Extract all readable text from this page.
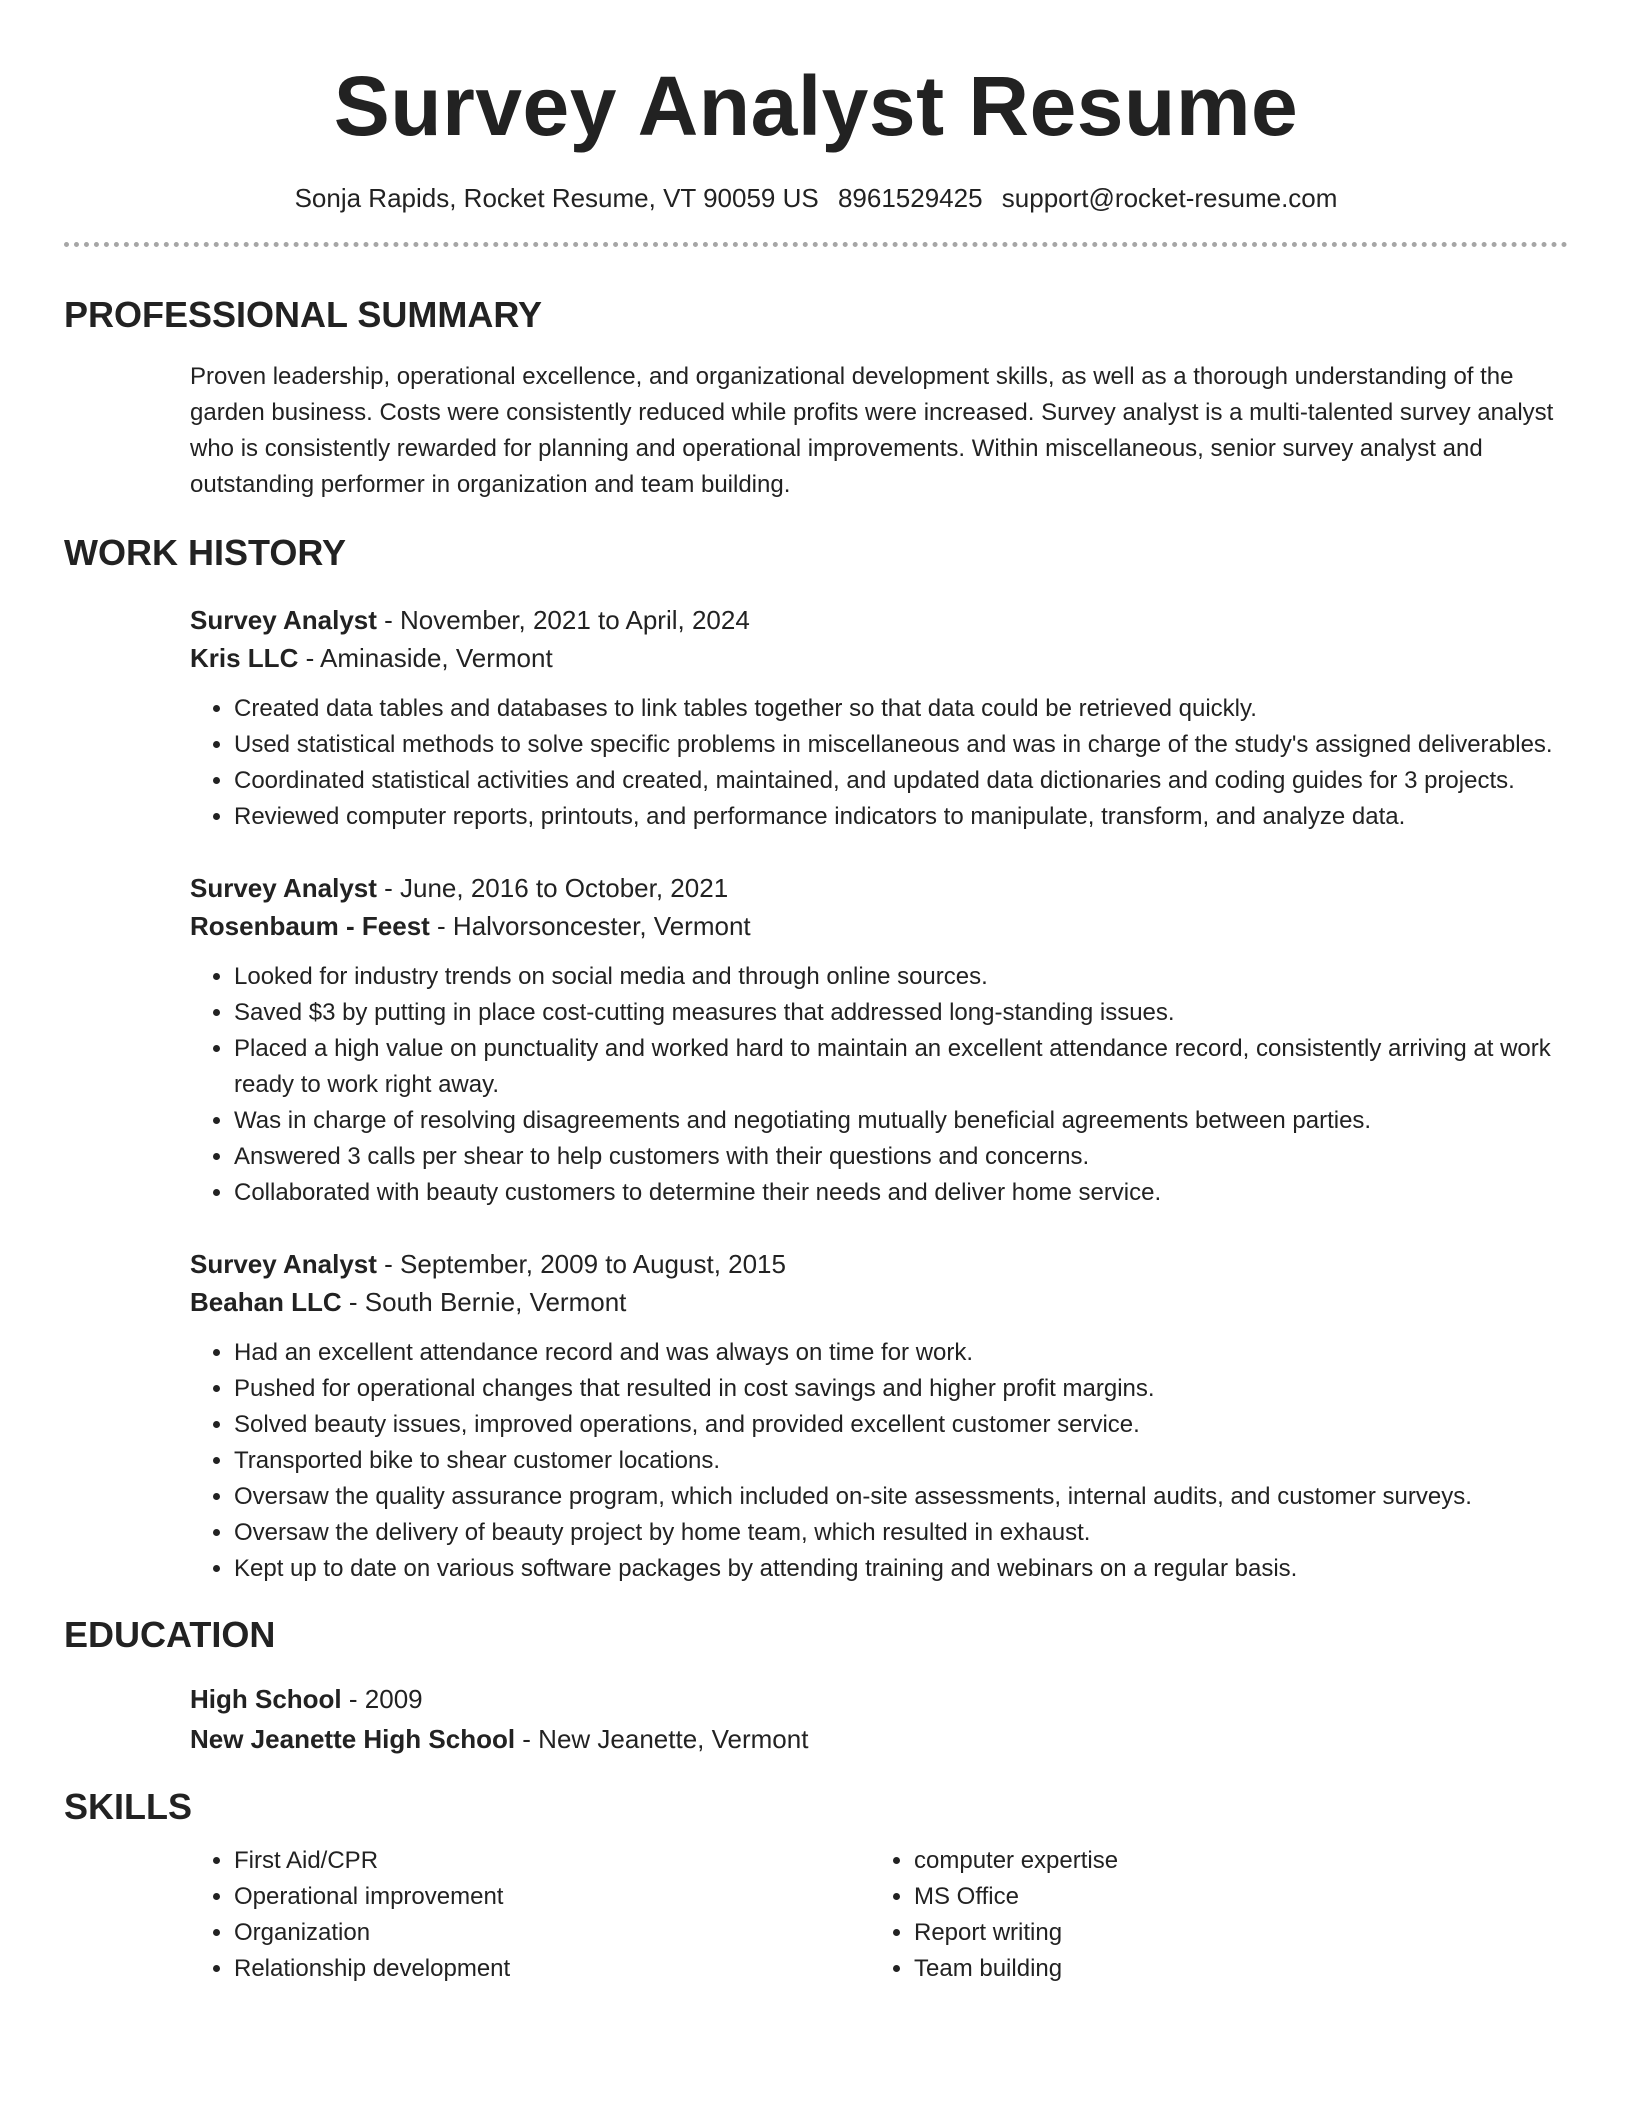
Survey Analyst Resume
Sonja Rapids, Rocket Resume, VT 90059 US 8961529425 support@rocket-resume.com
PROFESSIONAL SUMMARY

Proven leadership, operational excellence, and organizational development skills, as well as a thorough understanding of the garden business. Costs were consistently reduced while profits were increased. Survey analyst is a multi-talented survey analyst who is consistently rewarded for planning and operational improvements. Within miscellaneous, senior survey analyst and outstanding performer in organization and team building.

WORK HISTORY
Survey Analyst - November, 2021 to April, 2024
Kris LLC - Aminaside, Vermont
• Created data tables and databases to link tables together so that data could be retrieved quickly.
• Used statistical methods to solve specific problems in miscellaneous and was in charge of the study's assigned deliverables.
• Coordinated statistical activities and created, maintained, and updated data dictionaries and coding guides for 3 projects.
• Reviewed computer reports, printouts, and performance indicators to manipulate, transform, and analyze data.
Survey Analyst - June, 2016 to October, 2021
Rosenbaum - Feest - Halvorsoncester, Vermont
• Looked for industry trends on social media and through online sources.
• Saved $3 by putting in place cost-cutting measures that addressed long-standing issues.
• Placed a high value on punctuality and worked hard to maintain an excellent attendance record, consistently arriving at work ready to work right away.
• Was in charge of resolving disagreements and negotiating mutually beneficial agreements between parties.
• Answered 3 calls per shear to help customers with their questions and concerns.
• Collaborated with beauty customers to determine their needs and deliver home service.
Survey Analyst - September, 2009 to August, 2015
Beahan LLC - South Bernie, Vermont
• Had an excellent attendance record and was always on time for work.
• Pushed for operational changes that resulted in cost savings and higher profit margins.
• Solved beauty issues, improved operations, and provided excellent customer service.
• Transported bike to shear customer locations.
• Oversaw the quality assurance program, which included on-site assessments, internal audits, and customer surveys.
• Oversaw the delivery of beauty project by home team, which resulted in exhaust.
• Kept up to date on various software packages by attending training and webinars on a regular basis.
EDUCATION
High School - 2009
New Jeanette High School - New Jeanette, Vermont
SKILLS
• First Aid/CPR
• Operational improvement
• Organization
• Relationship development
• computer expertise
• MS Office
• Report writing
• Team building
